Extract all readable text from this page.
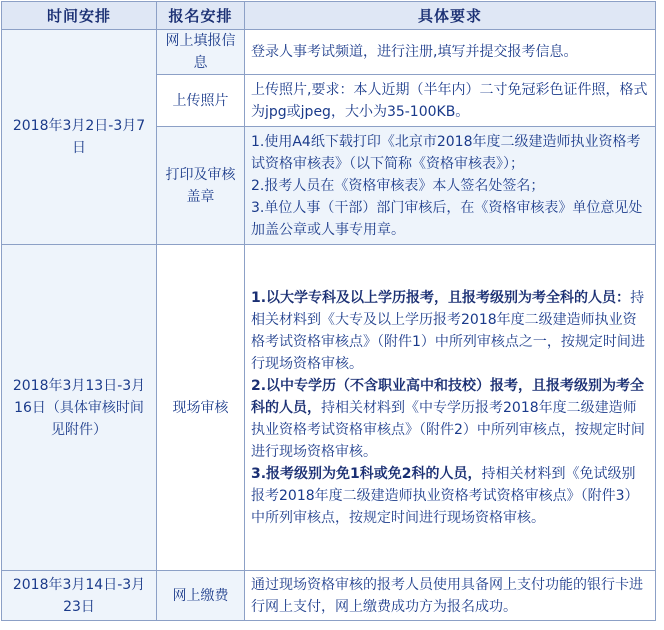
时间安排	报名安排	具体要求
2018年3月2日-3月7日	网上填报信息	登录人事考试频道，进行注册,填写并提交报考信息。
	上传照片	上传照片,要求：本人近期（半年内）二寸免冠彩色证件照，格式为jpg或jpeg，大小为35-100KB。
	打印及审核盖章	1.使用A4纸下载打印《北京市2018年度二级建造师执业资格考试资格审核表》（以下简称《资格审核表》）；
2.报考人员在《资格审核表》本人签名处签名；
3.单位人事（干部）部门审核后，在《资格审核表》单位意见处加盖公章或人事专用章。

2018年3月13日-3月16日（具体审核时间见附件）	现场审核	1.以大学专科及以上学历报考，且报考级别为考全科的人员：持相关材料到《大专及以上学历报考2018年度二级建造师执业资格考试资格审核点》（附件1）中所列审核点之一，按规定时间进行现场资格审核。
2.以中专学历（不含职业高中和技校）报考，且报考级别为考全科的人员，持相关材料到《中专学历报考2018年度二级建造师执业资格考试资格审核点》（附件2）中所列审核点，按规定时间进行现场资格审核。
3.报考级别为免1科或免2科的人员，持相关材料到《免试级别报考2018年度二级建造师执业资格考试资格审核点》（附件3）中所列审核点，按规定时间进行现场资格审核。

2018年3月14日-3月23日	网上缴费	通过现场资格审核的报考人员使用具备网上支付功能的银行卡进行网上支付，网上缴费成功方为报名成功。
